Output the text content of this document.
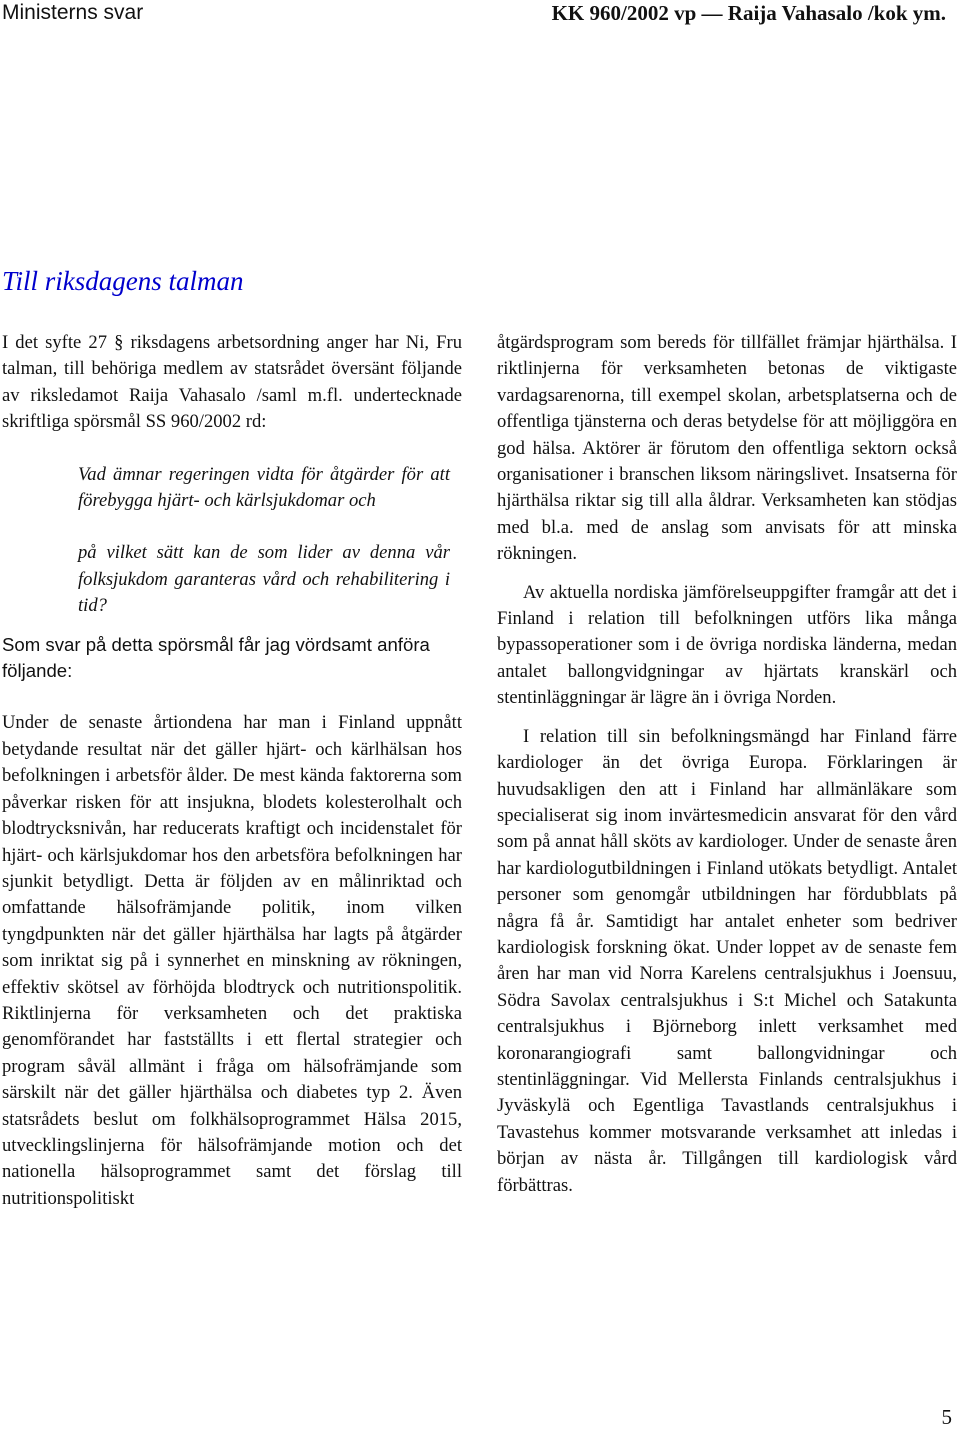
Ministerns svar	KK 960/2002 vp — Raija Vahasalo /kok ym.
Till riksdagens talman

I det syfte 27 § riksdagens arbetsordning anger har Ni, Fru talman, till behöriga medlem av statsrådet översänt följande av riksledamot Raija Vahasalo /saml m.fl. undertecknade skriftliga spörsmål SS 960/2002 rd:

Vad ämnar regeringen vidta för åtgärder för att förebygga hjärt- och kärlsjukdomar och

på vilket sätt kan de som lider av denna vår folksjukdom garanteras vård och rehabilitering i tid?

Som svar på detta spörsmål får jag vördsamt anföra följande:

Under de senaste årtiondena har man i Finland uppnått betydande resultat när det gäller hjärt- och kärlhälsan hos befolkningen i arbetsför ålder. De mest kända faktorerna som påverkar risken för att insjukna, blodets kolesterolhalt och blodtrycksnivån, har reducerats kraftigt och incidenstalet för hjärt- och kärlsjukdomar hos den arbetsföra befolkningen har sjunkit betydligt. Detta är följden av en målinriktad och omfattande hälsofrämjande politik, inom vilken tyngdpunkten när det gäller hjärthälsa har lagts på åtgärder som inriktat sig på i synnerhet en minskning av rökningen, effektiv skötsel av förhöjda blodtryck och nutritionspolitik. Riktlinjerna för verksamheten och det praktiska genomförandet har fastställts i ett flertal strategier och program såväl allmänt i fråga om hälsofrämjande som särskilt när det gäller hjärthälsa och diabetes typ 2. Även statsrådets beslut om folkhälsoprogrammet Hälsa 2015, utvecklingslinjerna för hälsofrämjande motion och det nationella hälsoprogrammet samt det förslag till nutritionspolitiskt

åtgärdsprogram som bereds för tillfället främjar hjärthälsa. I riktlinjerna för verksamheten betonas de viktigaste vardagsarenorna, till exempel skolan, arbetsplatserna och de offentliga tjänsterna och deras betydelse för att möjliggöra en god hälsa. Aktörer är förutom den offentliga sektorn också organisationer i branschen liksom näringslivet. Insatserna för hjärthälsa riktar sig till alla åldrar. Verksamheten kan stödjas med bl.a. med de anslag som anvisats för att minska rökningen.

Av aktuella nordiska jämförelseuppgifter framgår att det i Finland i relation till befolkningen utförs lika många bypassoperationer som i de övriga nordiska länderna, medan antalet ballongvidgningar av hjärtats kranskärl och stentinläggningar är lägre än i övriga Norden.

I relation till sin befolkningsmängd har Finland färre kardiologer än det övriga Europa. Förklaringen är huvudsakligen den att i Finland har allmänläkare som specialiserat sig inom invärtesmedicin ansvarat för den vård som på annat håll sköts av kardiologer. Under de senaste åren har kardiologutbildningen i Finland utökats betydligt. Antalet personer som genomgår utbildningen har fördubblats på några få år. Samtidigt har antalet enheter som bedriver kardiologisk forskning ökat. Under loppet av de senaste fem åren har man vid Norra Karelens centralsjukhus i Joensuu, Södra Savolax centralsjukhus i S:t Michel och Satakunta centralsjukhus i Björneborg inlett verksamhet med koronarangiografi samt ballongvidningar och stentinläggningar. Vid Mellersta Finlands centralsjukhus i Jyväskylä och Egentliga Tavastlands centralsjukhus i Tavastehus kommer motsvarande verksamhet att inledas i början av nästa år. Tillgången till kardiologisk vård förbättras.

5
